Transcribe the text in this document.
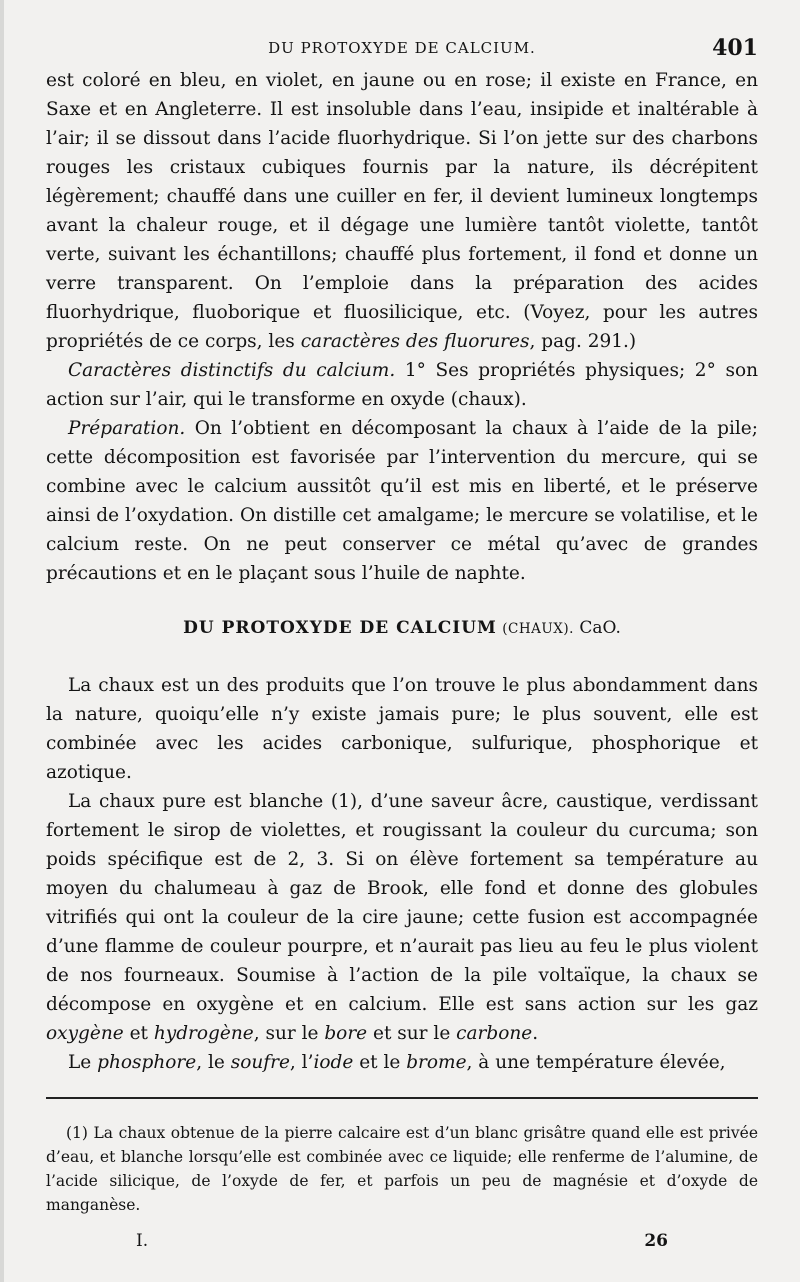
DU PROTOXYDE DE CALCIUM.	401

est coloré en bleu, en violet, en jaune ou en rose; il existe en France, en Saxe et en Angleterre. Il est insoluble dans l’eau, insipide et inaltérable à l’air; il se dissout dans l’acide fluorhydrique. Si l’on jette sur des charbons rouges les cristaux cubiques fournis par la nature, ils décrépitent légèrement; chauffé dans une cuiller en fer, il devient lumineux longtemps avant la chaleur rouge, et il dégage une lumière tantôt violette, tantôt verte, suivant les échantillons; chauffé plus fortement, il fond et donne un verre transparent. On l’emploie dans la préparation des acides fluorhydrique, fluoborique et fluosilicique, etc. (Voyez, pour les autres propriétés de ce corps, les caractères des fluorures, pag. 291.)

Caractères distinctifs du calcium. 1° Ses propriétés physiques; 2° son action sur l’air, qui le transforme en oxyde (chaux).

Préparation. On l’obtient en décomposant la chaux à l’aide de la pile; cette décomposition est favorisée par l’intervention du mercure, qui se combine avec le calcium aussitôt qu’il est mis en liberté, et le préserve ainsi de l’oxydation. On distille cet amalgame; le mercure se volatilise, et le calcium reste. On ne peut conserver ce métal qu’avec de grandes précautions et en le plaçant sous l’huile de naphte.

DU PROTOXYDE DE CALCIUM (CHAUX). CaO.

La chaux est un des produits que l’on trouve le plus abondamment dans la nature, quoiqu’elle n’y existe jamais pure; le plus souvent, elle est combinée avec les acides carbonique, sulfurique, phosphorique et azotique.

La chaux pure est blanche (1), d’une saveur âcre, caustique, verdissant fortement le sirop de violettes, et rougissant la couleur du curcuma; son poids spécifique est de 2, 3. Si on élève fortement sa température au moyen du chalumeau à gaz de Brook, elle fond et donne des globules vitrifiés qui ont la couleur de la cire jaune; cette fusion est accompagnée d’une flamme de couleur pourpre, et n’aurait pas lieu au feu le plus violent de nos fourneaux. Soumise à l’action de la pile voltaïque, la chaux se décompose en oxygène et en calcium. Elle est sans action sur les gaz oxygène et hydrogène, sur le bore et sur le carbone.

Le phosphore, le soufre, l’iode et le brome, à une température élevée,

(1) La chaux obtenue de la pierre calcaire est d’un blanc grisâtre quand elle est privée d’eau, et blanche lorsqu’elle est combinée avec ce liquide; elle renferme de l’alumine, de l’acide silicique, de l’oxyde de fer, et parfois un peu de magnésie et d’oxyde de manganèse.

I.	26
